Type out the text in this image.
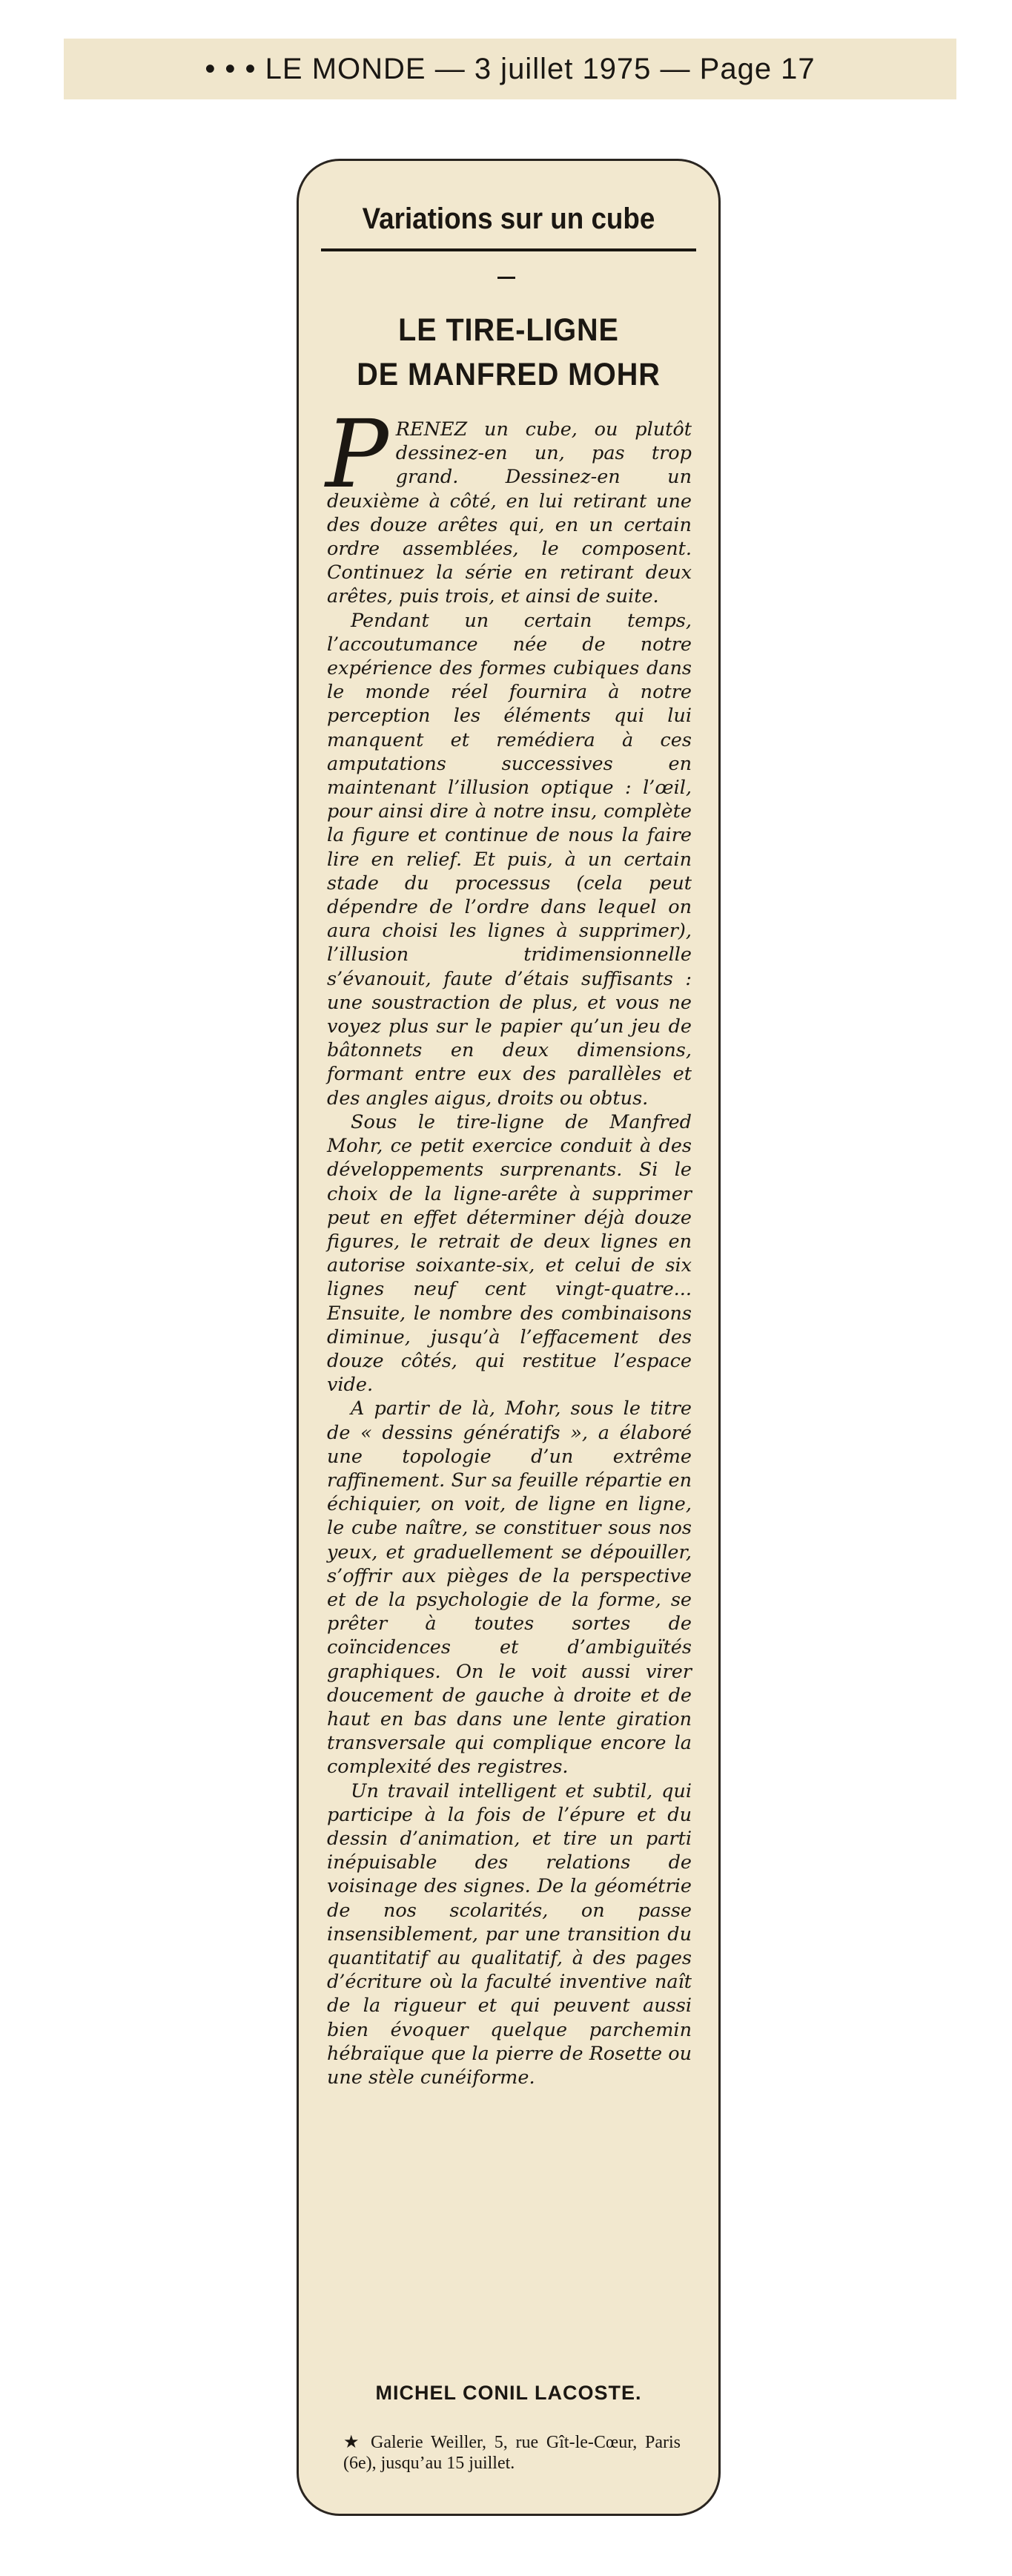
• • • LE MONDE — 3 juillet 1975 — Page 17
Variations sur un cube
LE TIRE-LIGNE
DE MANFRED MOHR

PRENEZ un cube, ou plutôt dessinez-en un, pas trop grand. Dessinez-en un deuxième à côté, en lui retirant une des douze arêtes qui, en un certain ordre assemblées, le composent. Continuez la série en retirant deux arêtes, puis trois, et ainsi de suite.

Pendant un certain temps, l’accoutumance née de notre expérience des formes cubiques dans le monde réel fournira à notre perception les éléments qui lui manquent et remédiera à ces amputations successives en maintenant l’illusion optique : l’œil, pour ainsi dire à notre insu, complète la figure et continue de nous la faire lire en relief. Et puis, à un certain stade du processus (cela peut dépendre de l’ordre dans lequel on aura choisi les lignes à supprimer), l’illusion tridimensionnelle s’évanouit, faute d’étais suffisants : une soustraction de plus, et vous ne voyez plus sur le papier qu’un jeu de bâtonnets en deux dimensions, formant entre eux des parallèles et des angles aigus, droits ou obtus.

Sous le tire-ligne de Manfred Mohr, ce petit exercice conduit à des développements surprenants. Si le choix de la ligne-arête à supprimer peut en effet déterminer déjà douze figures, le retrait de deux lignes en autorise soixante-six, et celui de six lignes neuf cent vingt-quatre... Ensuite, le nombre des combinaisons diminue, jusqu’à l’effacement des douze côtés, qui restitue l’espace vide.

A partir de là, Mohr, sous le titre de « dessins génératifs », a élaboré une topologie d’un extrême raffinement. Sur sa feuille répartie en échiquier, on voit, de ligne en ligne, le cube naître, se constituer sous nos yeux, et graduellement se dépouiller, s’offrir aux pièges de la perspective et de la psychologie de la forme, se prêter à toutes sortes de coïncidences et d’ambiguïtés graphiques. On le voit aussi virer doucement de gauche à droite et de haut en bas dans une lente giration transversale qui complique encore la complexité des registres.

Un travail intelligent et subtil, qui participe à la fois de l’épure et du dessin d’animation, et tire un parti inépuisable des relations de voisinage des signes. De la géométrie de nos scolarités, on passe insensiblement, par une transition du quantitatif au qualitatif, à des pages d’écriture où la faculté inventive naît de la rigueur et qui peuvent aussi bien évoquer quelque parchemin hébraïque que la pierre de Rosette ou une stèle cunéiforme.

MICHEL CONIL LACOSTE.
★ Galerie Weiller, 5, rue Gît-le-Cœur, Paris (6e), jusqu’au 15 juillet.
